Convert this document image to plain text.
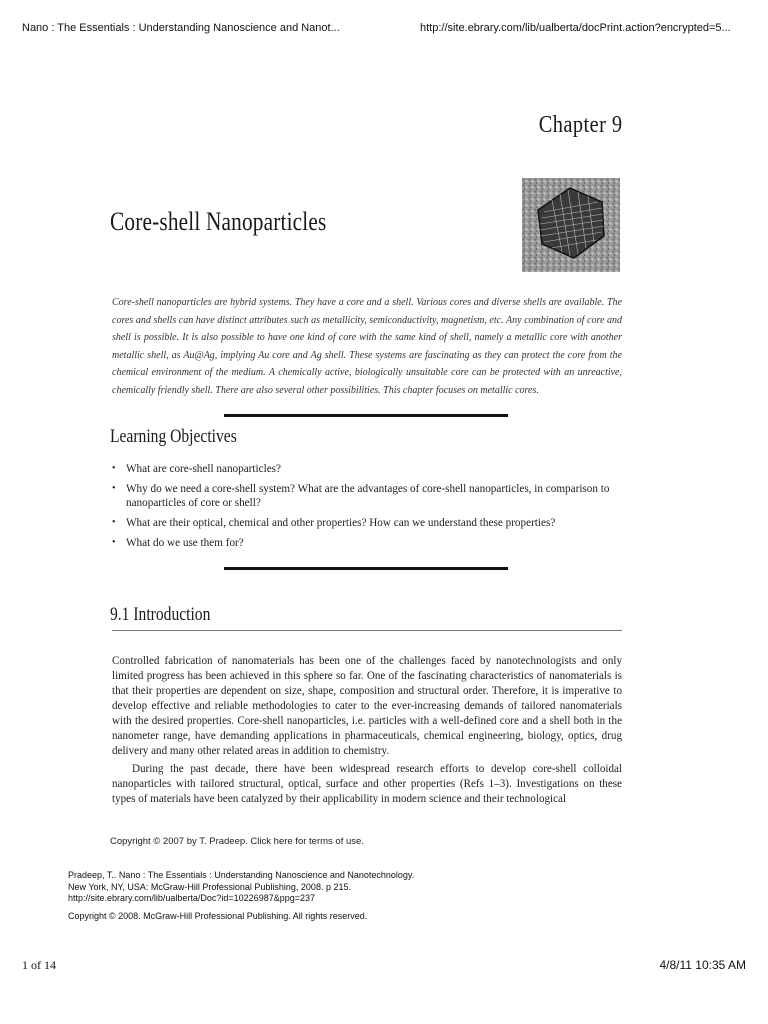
Nano : The Essentials : Understanding Nanoscience and Nanot...	http://site.ebrary.com/lib/ualberta/docPrint.action?encrypted=5...
Chapter 9
Core-shell Nanoparticles
Core-shell nanoparticles are hybrid systems. They have a core and a shell. Various cores and diverse shells are available. The cores and shells can have distinct attributes such as metallicity, semiconductivity, magnetism, etc. Any combination of core and shell is possible. It is also possible to have one kind of core with the same kind of shell, namely a metallic core with another metallic shell, as Au@Ag, implying Au core and Ag shell. These systems are fascinating as they can protect the core from the chemical environment of the medium. A chemically active, biologically unsuitable core can be protected with an unreactive, chemically friendly shell. There are also several other possibilities. This chapter focuses on metallic cores.
Learning Objectives
• What are core-shell nanoparticles?
• Why do we need a core-shell system? What are the advantages of core-shell nanoparticles, in comparison to nanoparticles of core or shell?
• What are their optical, chemical and other properties? How can we understand these properties?
• What do we use them for?
9.1 Introduction

Controlled fabrication of nanomaterials has been one of the challenges faced by nanotechnologists and only limited progress has been achieved in this sphere so far. One of the fascinating characteristics of nanomaterials is that their properties are dependent on size, shape, composition and structural order. Therefore, it is imperative to develop effective and reliable methodologies to cater to the ever-increasing demands of tailored nanomaterials with the desired properties. Core-shell nanoparticles, i.e. particles with a well-defined core and a shell both in the nanometer range, have demanding applications in pharmaceuticals, chemical engineering, biology, optics, drug delivery and many other related areas in addition to chemistry.

During the past decade, there have been widespread research efforts to develop core-shell colloidal nanoparticles with tailored structural, optical, surface and other properties (Refs 1–3). Investigations on these types of materials have been catalyzed by their applicability in modern science and their technological

Copyright © 2007 by T. Pradeep. Click here for terms of use.
Pradeep, T.. Nano : The Essentials : Understanding Nanoscience and Nanotechnology.
New York, NY, USA: McGraw-Hill Professional Publishing, 2008. p 215.
http://site.ebrary.com/lib/ualberta/Doc?id=10226987&ppg=237
Copyright © 2008. McGraw-Hill Professional Publishing. All rights reserved.
1 of 14	4/8/11 10:35 AM
